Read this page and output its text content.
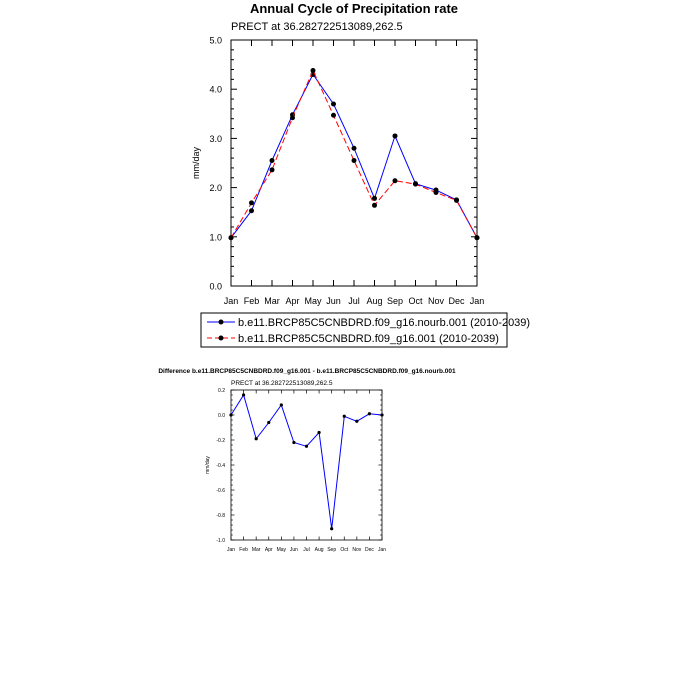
Annual Cycle of Precipitation rate
PRECT at 36.282722513089,262.5
mm/day
Jan Feb Mar Apr May Jun Jul Aug Sep Oct Nov Dec Jan
0.0
1.0
2.0
3.0
4.0
5.0
b.e11.BRCP85C5CNBDRD.f09_g16.nourb.001 (2010-2039)
b.e11.BRCP85C5CNBDRD.f09_g16.001 (2010-2039)
Difference b.e11.BRCP85C5CNBDRD.f09_g16.001 - b.e11.BRCP85C5CNBDRD.f09_g16.nourb.001
PRECT at 36.282722513089,262.5
mm/day
Jan Feb Mar Apr May Jun Jul Aug Sep Oct Nov Dec Jan
-1.0
-0.8
-0.6
-0.4
-0.2
0.0
0.2
